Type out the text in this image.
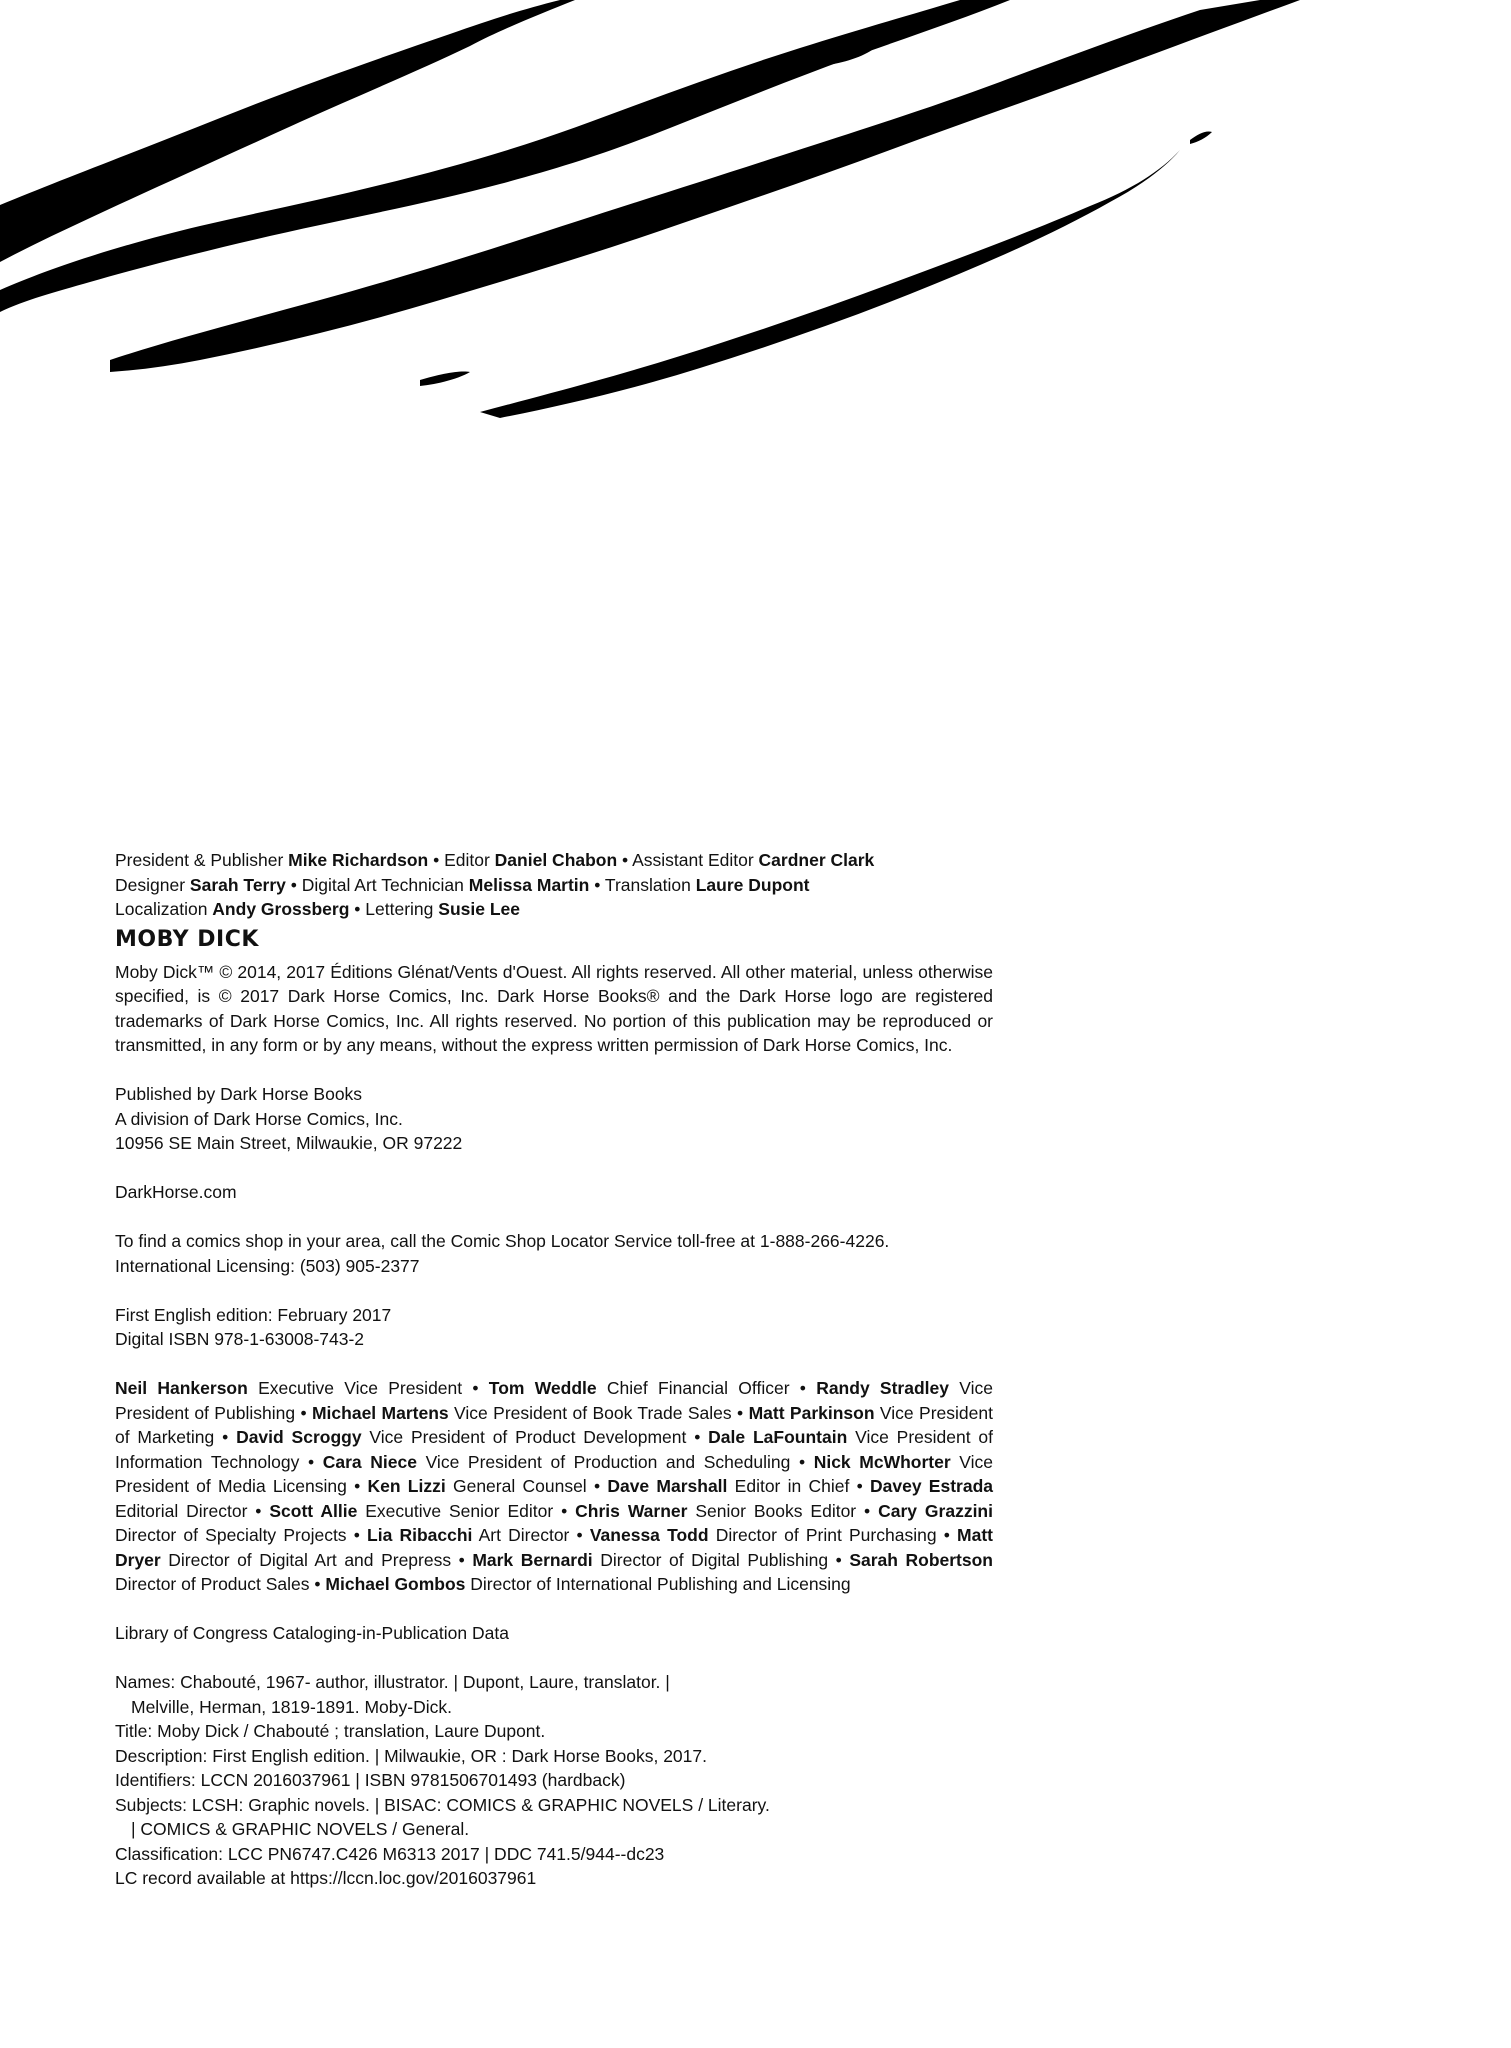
President & Publisher Mike Richardson • Editor Daniel Chabon • Assistant Editor Cardner Clark

Designer Sarah Terry • Digital Art Technician Melissa Martin • Translation Laure Dupont

Localization Andy Grossberg • Lettering Susie Lee

MOBY DICK

Moby Dick™ © 2014, 2017 Éditions Glénat/Vents d'Ouest. All rights reserved. All other material, unless otherwise specified, is © 2017 Dark Horse Comics, Inc. Dark Horse Books® and the Dark Horse logo are registered trademarks of Dark Horse Comics, Inc. All rights reserved. No portion of this publication may be reproduced or transmitted, in any form or by any means, without the express written permission of Dark Horse Comics, Inc.

Published by Dark Horse Books

A division of Dark Horse Comics, Inc.

10956 SE Main Street, Milwaukie, OR 97222

DarkHorse.com

To find a comics shop in your area, call the Comic Shop Locator Service toll-free at 1-888-266-4226.

International Licensing: (503) 905-2377

First English edition: February 2017

Digital ISBN 978-1-63008-743-2

Neil Hankerson Executive Vice President • Tom Weddle Chief Financial Officer • Randy Stradley Vice President of Publishing • Michael Martens Vice President of Book Trade Sales • Matt Parkinson Vice President of Marketing • David Scroggy Vice President of Product Development • Dale LaFountain Vice President of Information Technology • Cara Niece Vice President of Production and Scheduling • Nick McWhorter Vice President of Media Licensing • Ken Lizzi General Counsel • Dave Marshall Editor in Chief • Davey Estrada Editorial Director • Scott Allie Executive Senior Editor • Chris Warner Senior Books Editor • Cary Grazzini Director of Specialty Projects • Lia Ribacchi Art Director • Vanessa Todd Director of Print Purchasing • Matt Dryer Director of Digital Art and Prepress • Mark Bernardi Director of Digital Publishing • Sarah Robertson Director of Product Sales • Michael Gombos Director of International Publishing and Licensing

Library of Congress Cataloging-in-Publication Data

Names: Chabouté, 1967- author, illustrator. | Dupont, Laure, translator. |

Melville, Herman, 1819-1891. Moby-Dick.

Title: Moby Dick / Chabouté ; translation, Laure Dupont.

Description: First English edition. | Milwaukie, OR : Dark Horse Books, 2017.

Identifiers: LCCN 2016037961 | ISBN 9781506701493 (hardback)

Subjects: LCSH: Graphic novels. | BISAC: COMICS & GRAPHIC NOVELS / Literary.

| COMICS & GRAPHIC NOVELS / General.

Classification: LCC PN6747.C426 M6313 2017 | DDC 741.5/944--dc23

LC record available at https://lccn.loc.gov/2016037961
